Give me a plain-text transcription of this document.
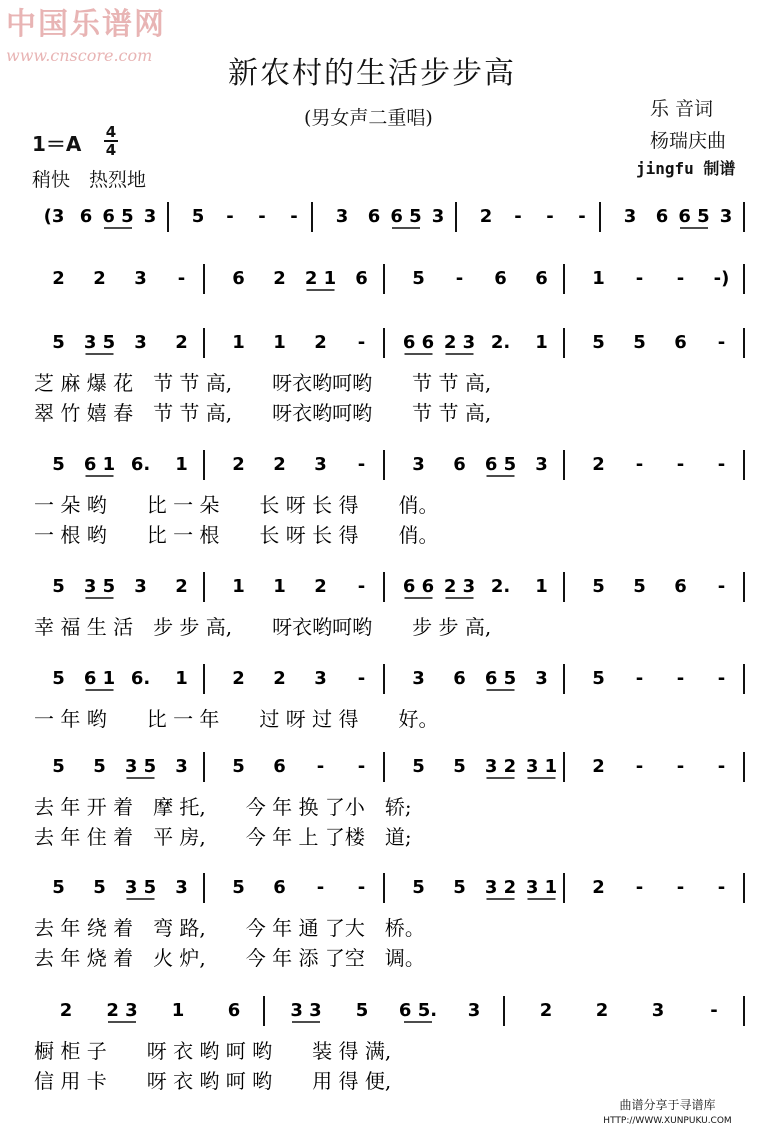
中国乐谱网
www.cnscore.com
新农村的生活步步高
(男女声二重唱)	乐 音词
杨瑞庆曲
jingfu 制谱
1＝A 4
4
稍快　热烈地
(3 6 6 5 3 5 - - - 3 6 6 5 3 2 - - - 3 6 6 5 3
2 2 3 -	6 2 2 1 6 5 - 6 6 1 - - -)
5 3 5 3 2 1 1 2 - 6 6 2 3 2. 1 5 5 6 -
芝 麻 爆 花　节 节 高,　　呀衣哟呵哟　　节 节 高,
翠 竹 嬉 春　节 节 高,　　呀衣哟呵哟　　节 节 高,
5 6 1 6. 1 2 2 3 -	3 6 6 5 3 2 - - -
一 朵 哟　　比 一 朵　　长 呀 长 得　　俏。
一 根 哟　　比 一 根　　长 呀 长 得　　俏。
5 3 5 3 2 1 1 2 - 6 6 2 3 2. 1 5 5 6 -
幸 福 生 活　步 步 高,　　呀衣哟呵哟　　步 步 高,
5 6 1 6. 1 2 2 3 -	3 6 6 5 3 5 - - -
一 年 哟　　比 一 年　　过 呀 过 得　　好。
5 5 3 5 3 5 6 - -	5 5 3 2 3 1 2 - - -
去 年 开 着　摩 托,　　今 年 换 了小　轿;
去 年 住 着　平 房,　　今 年 上 了楼　道;
5 5 3 5 3 5 6 - -	5 5 3 2 3 1 2 - - -
去 年 绕 着　弯 路,　　今 年 通 了大　桥。
去 年 烧 着　火 炉,　　今 年 添 了空　调。
2 2 3 1 6	3 3 5 6 5. 3	2 2 3	-
橱 柜 子　　呀 衣 哟 呵 哟　　装 得 满,
信 用 卡　　呀 衣 哟 呵 哟　　用 得 便,
曲谱分享于寻谱库
HTTP://WWW.XUNPUKU.COM
